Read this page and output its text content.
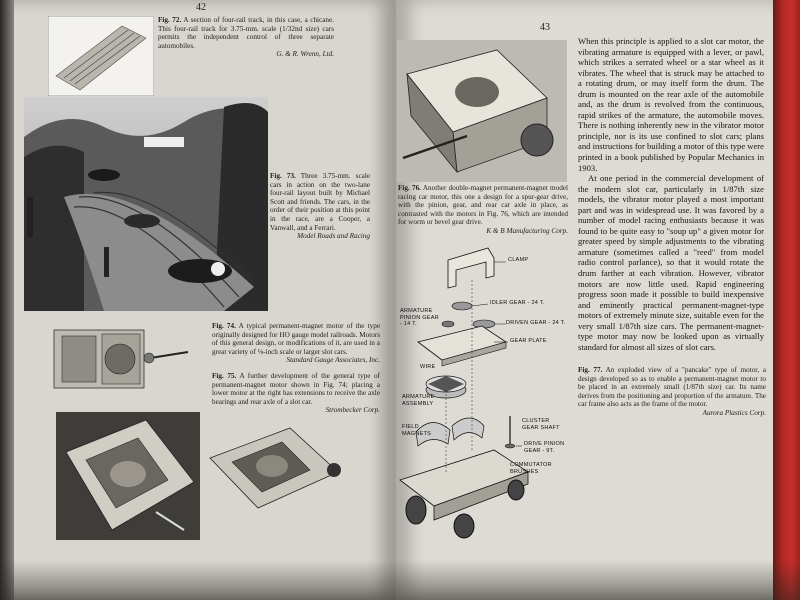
42
Fig. 72. A section of four-rail track, in this case, a chicane. This four-rail track for 3.75-mm. scale (1/32nd size) cars permits the independent control of three separate automobiles.
G. & R. Wrenn, Ltd.
Fig. 73. Three 3.75-mm. scale cars in action on the two-lane four-rail layout built by Michael Scott and friends. The cars, in the order of their position at this point in the race, are a Cooper, a Vanwall, and a Ferrari.
Model Roads and Racing
Fig. 74. A typical permanent-magnet motor of the type originally designed for HO gauge model railroads. Motors of this general design, or modifications of it, are used in a great variety of ⅛-inch scale or larger slot cars.
Standard Gauge Associates, Inc.
Fig. 75. A further development of the general type of permanent-magnet motor shown in Fig. 74; placing a lower motor at the right has extensions to receive the axle bearings and rear axle of a slot car.
Strombecker Corp.
43
Fig. 76. Another double-magnet permanent-magnet model racing car motor, this one a design for a spur-gear drive, with the pinion, gear, and rear car axle in place, as contrasted with the motors in Fig. 76, which are intended for worm or bevel gear drive.
K & B Manufacturing Corp.

When this principle is applied to a slot car motor, the vibrating armature is equipped with a lever, or pawl, which strikes a serrated wheel or a star wheel as it vibrates. The wheel that is struck may be attached to a rotating drum, or may itself form the drum. The drum is mounted on the rear axle of the automobile and, as the drum is revolved from the continuous, rapid strikes of the armature, the automobile moves. There is nothing inherently new in the vibrator motor principle, nor is its use confined to slot cars; plans and instructions for building a motor of this type were printed in a book published by Popular Mechanics in 1903.

At one period in the commercial development of the modern slot car, particularly in 1/87th size models, the vibrator motor played a most important part and was in widespread use. It was favored by a number of model racing enthusiasts because it was found to be quite easy to "soup up" a given motor for greater speed by simple adjustments to the vibrating armature (sometimes called a "reed" from model radio control parlance), so that it would rotate the drum farther at each vibration. However, vibrator motors are now little used. Rapid engineering progress soon made it possible to build inexpensive and eminently practical permanent-magnet-type motors of extremely minute size, suitable even for the very small 1/87th size cars. The permanent-magnet-type motor may now be looked upon as virtually standard for almost all sizes of slot cars.

Fig. 77. An exploded view of a "pancake" type of motor, a design developed so as to enable a permanent-magnet motor to be placed in an extremely small (1/87th size) car. Its name derives from the positioning and proportion of the armature. The car frame also acts as the frame of the motor.
Aurora Plastics Corp.
CLAMP
IDLER GEAR - 24 T.
ARMATURE PINION GEAR - 14 T.	DRIVEN GEAR - 24 T.
GEAR PLATE
WIRE
ARMATURE ASSEMBLY
FIELD MAGNETS
CLUSTER GEAR SHAFT
DRIVE PINION GEAR - 9T.
COMMUTATOR BRUSHES
